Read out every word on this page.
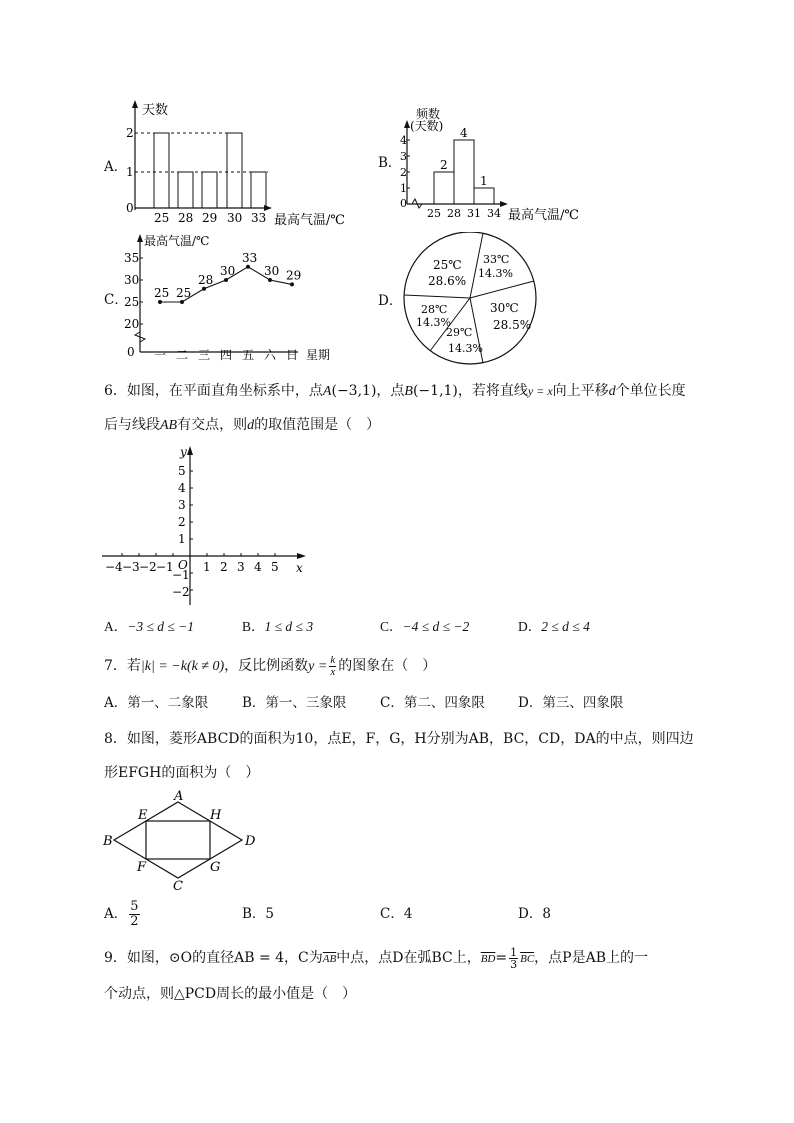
A．
天数
2
1
0
25 28 29 30 33 最高气温/℃
B．
频数
(天数)
4
3
2
1
0
2
4
1
25 28 31 34 最高气温/℃
C．
最高气温/℃
35
30
25
20
0
25 25
28
30
33
30 29
一 二 三 四 五 六 日 星期
D．
25℃
28.6%
33℃
14.3%
30℃
28.5%
29℃
14.3%
28℃
14.3%
6．如图，在平面直角坐标系中，点A(−3,1)，点B(−1,1)，若将直线y = x向上平移d个单位长度
后与线段AB有交点，则d的取值范围是（　）
y
x
O
5
4
3
2
1
−1
−2
−4 −3 −2 −1 1 2 3 4 5
A．−3 ≤ d ≤ −1	B．1 ≤ d ≤ 3	C．−4 ≤ d ≤ −2	D．2 ≤ d ≤ 4
7．若|k| = −k(k ≠ 0)，反比例函数$y = \frac{k}{x}$ 的图象在（　）
A．第一、二象限	B．第一、三象限 C．第二、四象限 D．第三、四象限
8．如图，菱形ABCD的面积为10，点E，F，G，H分别为AB，BC，CD，DA的中点，则四边
形EFGH的面积为（　）
A
B
C
D
E
F	G
H
A． $\frac{5}{2}$	B．5	C．4	D．8
9．如图，⊙O的直径AB = 4，C为$\overline{AB}$中点，点D在弧BC上，$\overline{BD}= \frac{1}{3} \overline{BC}$，点P是AB上的一
个动点，则△PCD周长的最小值是（　）
